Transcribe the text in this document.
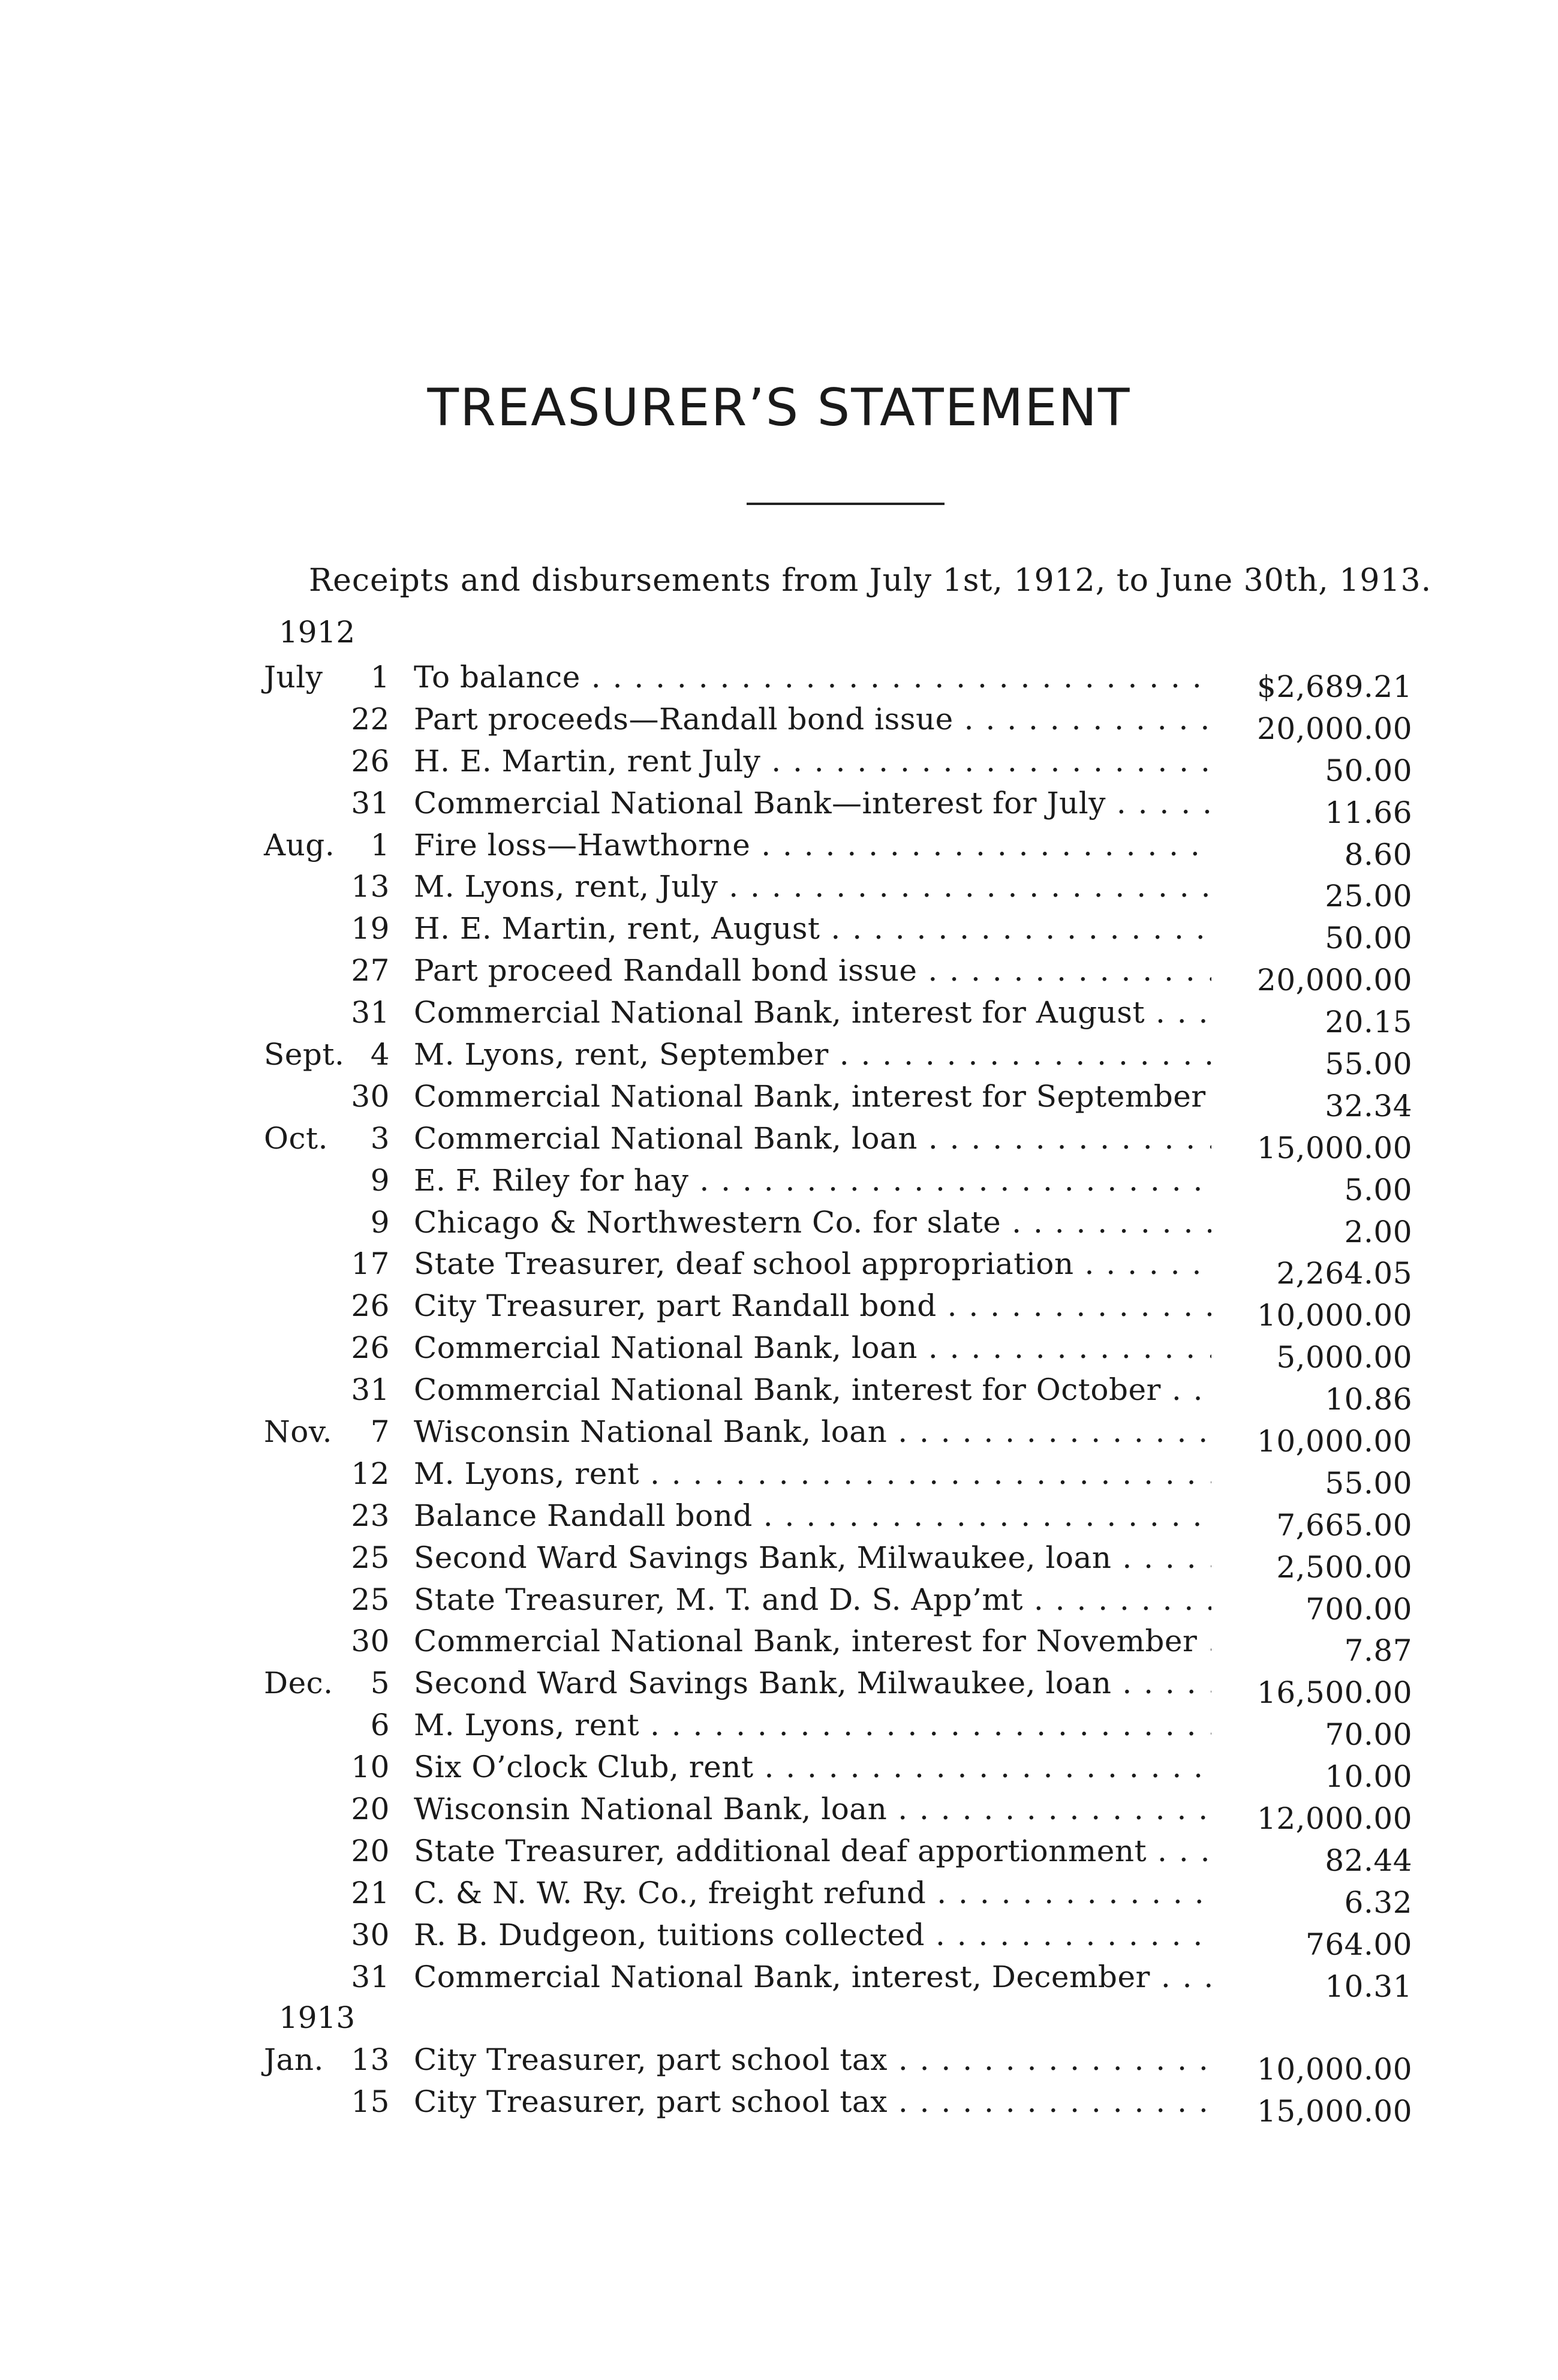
TREASURER’S STATEMENT
Receipts and disbursements from July 1st, 1912, to June 30th, 1913.
1912
July	1 To balance . . .	$2,689.21
22 Part proceeds—Randall bond issue . . .	20,000.00
26 H. E. Martin, rent July . . .	50.00
31 Commercial National Bank—interest for July . . .	11.66
Aug.	1 Fire loss—Hawthorne . . .	8.60
13 M. Lyons, rent, July . . .	25.00
19 H. E. Martin, rent, August . . .	50.00
27 Part proceed Randall bond issue . . .	20,000.00
31 Commercial National Bank, interest for August . . .	20.15
Sept. 4 M. Lyons, rent, September . . .	55.00
30 Commercial National Bank, interest for September . . .	32.34
Oct.	3 Commercial National Bank, loan . . .	15,000.00
9 E. F. Riley for hay . . .	5.00
9 Chicago & Northwestern Co. for slate . . .	2.00
17 State Treasurer, deaf school appropriation . . .	2,264.05
26 City Treasurer, part Randall bond . . .	10,000.00
26 Commercial National Bank, loan . . .	5,000.00
31 Commercial National Bank, interest for October . . .	10.86
Nov.	7 Wisconsin National Bank, loan . . .	10,000.00
12 M. Lyons, rent . . .	55.00
23 Balance Randall bond . . .	7,665.00
25 Second Ward Savings Bank, Milwaukee, loan . . .	2,500.00
25 State Treasurer, M. T. and D. S. App’mt . . .	700.00
30 Commercial National Bank, interest for November . . .	7.87
Dec.	5 Second Ward Savings Bank, Milwaukee, loan . . .	16,500.00
6 M. Lyons, rent . . .	70.00
10 Six O’clock Club, rent . . .	10.00
20 Wisconsin National Bank, loan . . .	12,000.00
20 State Treasurer, additional deaf apportionment . . .	82.44
21 C. & N. W. Ry. Co., freight refund . . .	6.32
30 R. B. Dudgeon, tuitions collected . . .	764.00
31 Commercial National Bank, interest, December . . .	10.31
1913
Jan. 13 City Treasurer, part school tax . . .	10,000.00
15 City Treasurer, part school tax . . .	15,000.00
